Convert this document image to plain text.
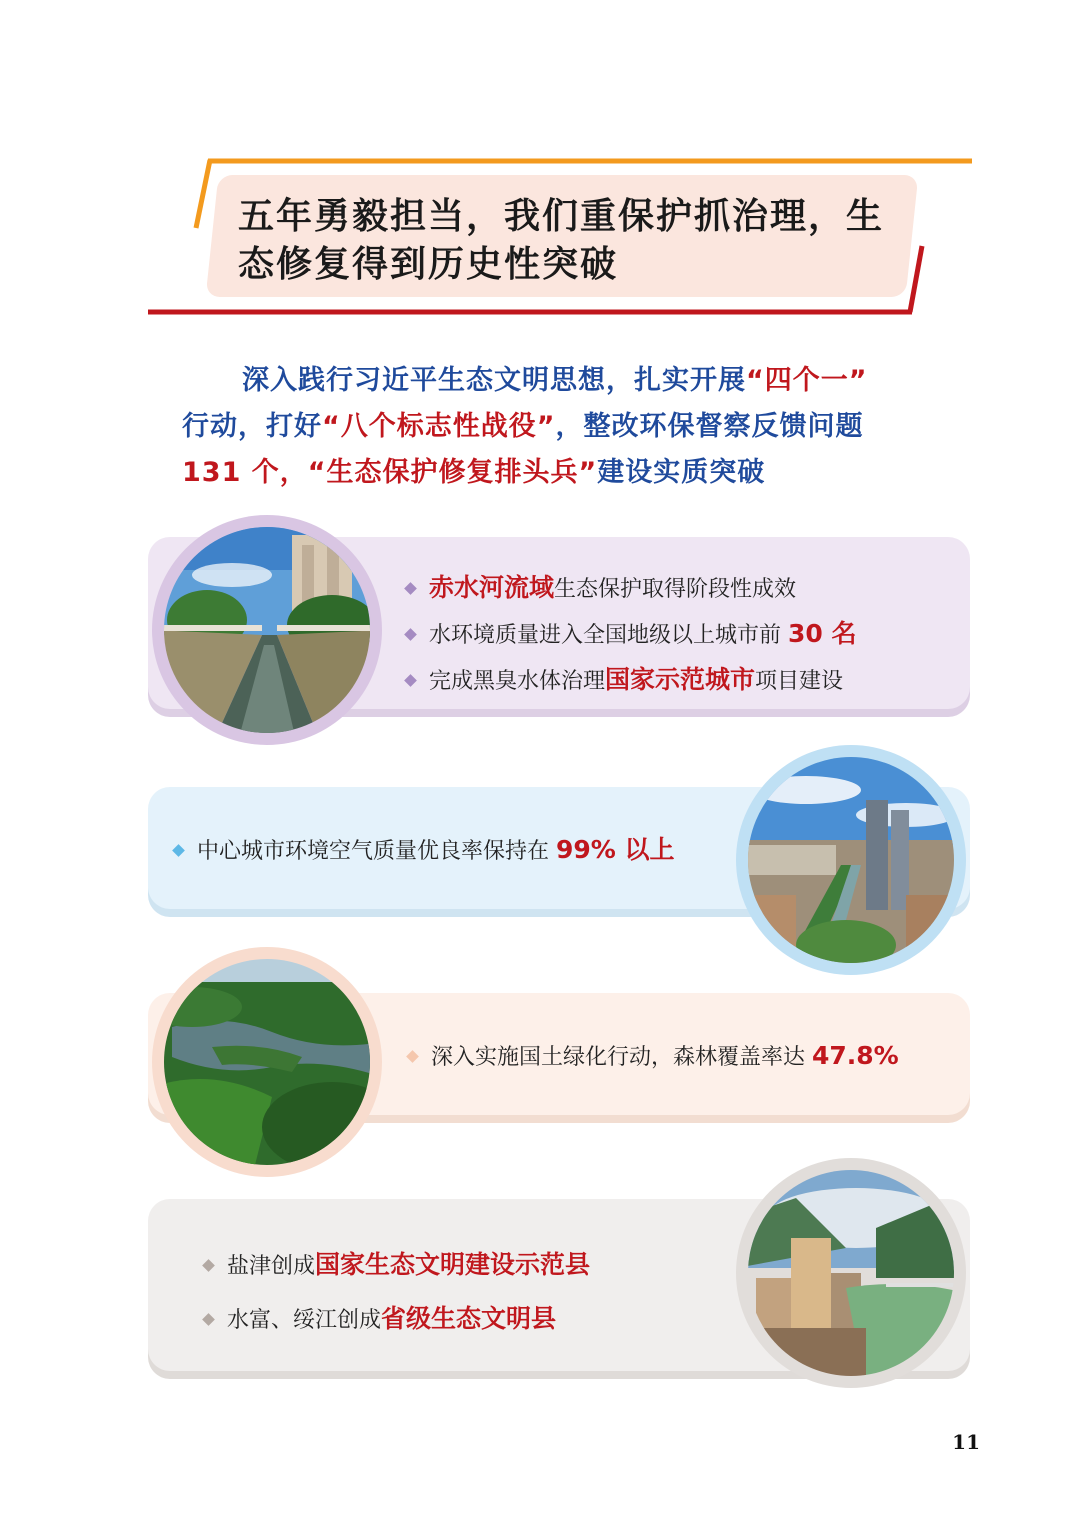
五年勇毅担当，我们重保护抓治理，生
态修复得到历史性突破
深入践行习近平生态文明思想，扎实开展“四个一”
行动，打好“八个标志性战役”，整改环保督察反馈问题
131 个，“生态保护修复排头兵”建设实质突破
赤水河流域生态保护取得阶段性成效
水环境质量进入全国地级以上城市前 30 名
完成黑臭水体治理国家示范城市项目建设
中心城市环境空气质量优良率保持在 99% 以上
深入实施国土绿化行动，森林覆盖率达 47.8%
盐津创成国家生态文明建设示范县
水富、绥江创成省级生态文明县
11
